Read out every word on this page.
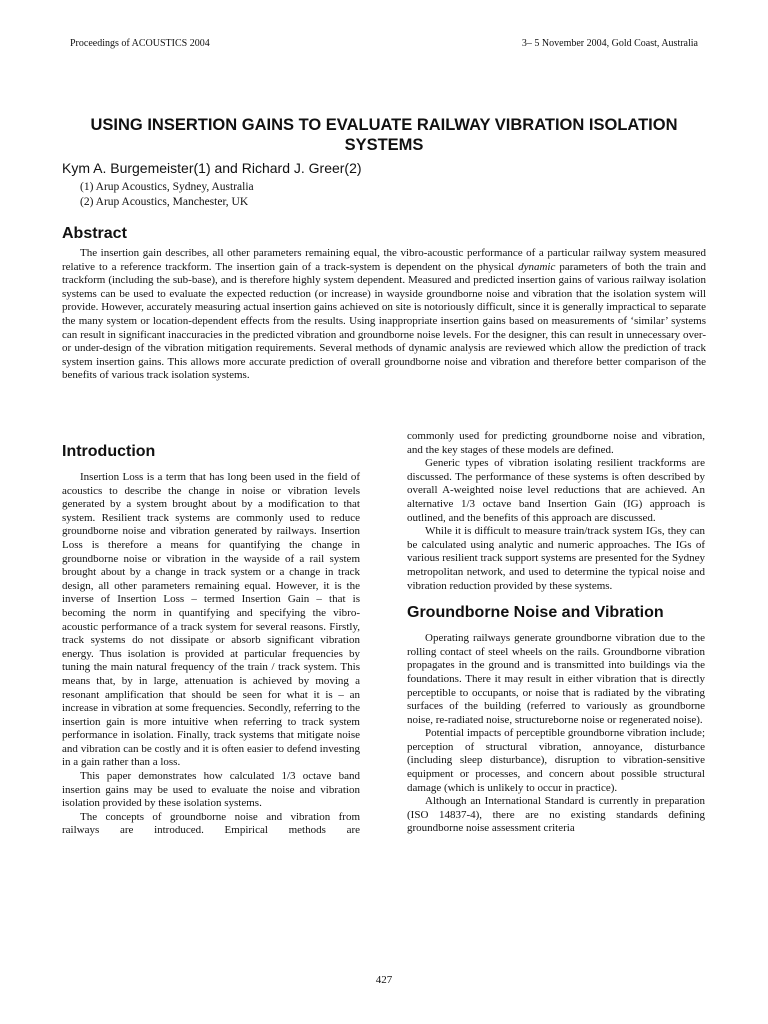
Proceedings of ACOUSTICS 2004	3– 5 November 2004, Gold Coast, Australia
USING INSERTION GAINS TO EVALUATE RAILWAY VIBRATION ISOLATION SYSTEMS
Kym A. Burgemeister(1) and Richard J. Greer(2)
(1) Arup Acoustics, Sydney, Australia
(2) Arup Acoustics, Manchester, UK
Abstract

The insertion gain describes, all other parameters remaining equal, the vibro-acoustic performance of a particular railway system measured relative to a reference trackform. The insertion gain of a track-system is dependent on the physical dynamic parameters of both the train and trackform (including the sub-base), and is therefore highly system dependent. Measured and predicted insertion gains of various railway isolation systems can be used to evaluate the expected reduction (or increase) in wayside groundborne noise and vibration that the isolation system will provide. However, accurately measuring actual insertion gains achieved on site is notoriously difficult, since it is generally impractical to separate the many system or location-dependent effects from the results. Using inappropriate insertion gains based on measurements of ‘similar’ systems can result in significant inaccuracies in the predicted vibration and groundborne noise levels. For the designer, this can result in unnecessary over- or under-design of the vibration mitigation requirements. Several methods of dynamic analysis are reviewed which allow the prediction of track system insertion gains. This allows more accurate prediction of overall groundborne noise and vibration and therefore better comparison of the benefits of various track isolation systems.

Introduction

Insertion Loss is a term that has long been used in the field of acoustics to describe the change in noise or vibration levels generated by a system brought about by a modification to that system. Resilient track systems are commonly used to reduce groundborne noise and vibration generated by railways. Insertion Loss is therefore a means for quantifying the change in groundborne noise or vibration in the wayside of a rail system brought about by a change in track system or a change in track design, all other parameters remaining equal. However, it is the inverse of Insertion Loss – termed Insertion Gain – that is becoming the norm in quantifying and specifying the vibro-acoustic performance of a track system for several reasons. Firstly, track systems do not dissipate or absorb significant vibration energy. Thus isolation is provided at particular frequencies by tuning the main natural frequency of the train / track system. This means that, by in large, attenuation is achieved by moving a resonant amplification that should be seen for what it is – an increase in vibration at some frequencies. Secondly, referring to the insertion gain is more intuitive when referring to track system performance in isolation. Finally, track systems that mitigate noise and vibration can be costly and it is often easier to defend investing in a gain rather than a loss.

This paper demonstrates how calculated 1/3 octave band insertion gains may be used to evaluate the noise and vibration isolation provided by these isolation systems.

The concepts of groundborne noise and vibration from railways are introduced. Empirical methods are

commonly used for predicting groundborne noise and vibration, and the key stages of these models are defined.

Generic types of vibration isolating resilient trackforms are discussed. The performance of these systems is often described by overall A-weighted noise level reductions that are achieved. An alternative 1/3 octave band Insertion Gain (IG) approach is outlined, and the benefits of this approach are discussed.

While it is difficult to measure train/track system IGs, they can be calculated using analytic and numeric approaches. The IGs of various resilient track support systems are presented for the Sydney metropolitan network, and used to determine the typical noise and vibration reduction provided by these systems.

Groundborne Noise and Vibration

Operating railways generate groundborne vibration due to the rolling contact of steel wheels on the rails. Groundborne vibration propagates in the ground and is transmitted into buildings via the foundations. There it may result in either vibration that is directly perceptible to occupants, or noise that is radiated by the vibrating surfaces of the building (referred to variously as groundborne noise, re-radiated noise, structureborne noise or regenerated noise).

Potential impacts of perceptible groundborne vibration include; perception of structural vibration, annoyance, disturbance (including sleep disturbance), disruption to vibration-sensitive equipment or processes, and concern about possible structural damage (which is unlikely to occur in practice).

Although an International Standard is currently in preparation (ISO 14837-4), there are no existing standards defining groundborne noise assessment criteria

427
